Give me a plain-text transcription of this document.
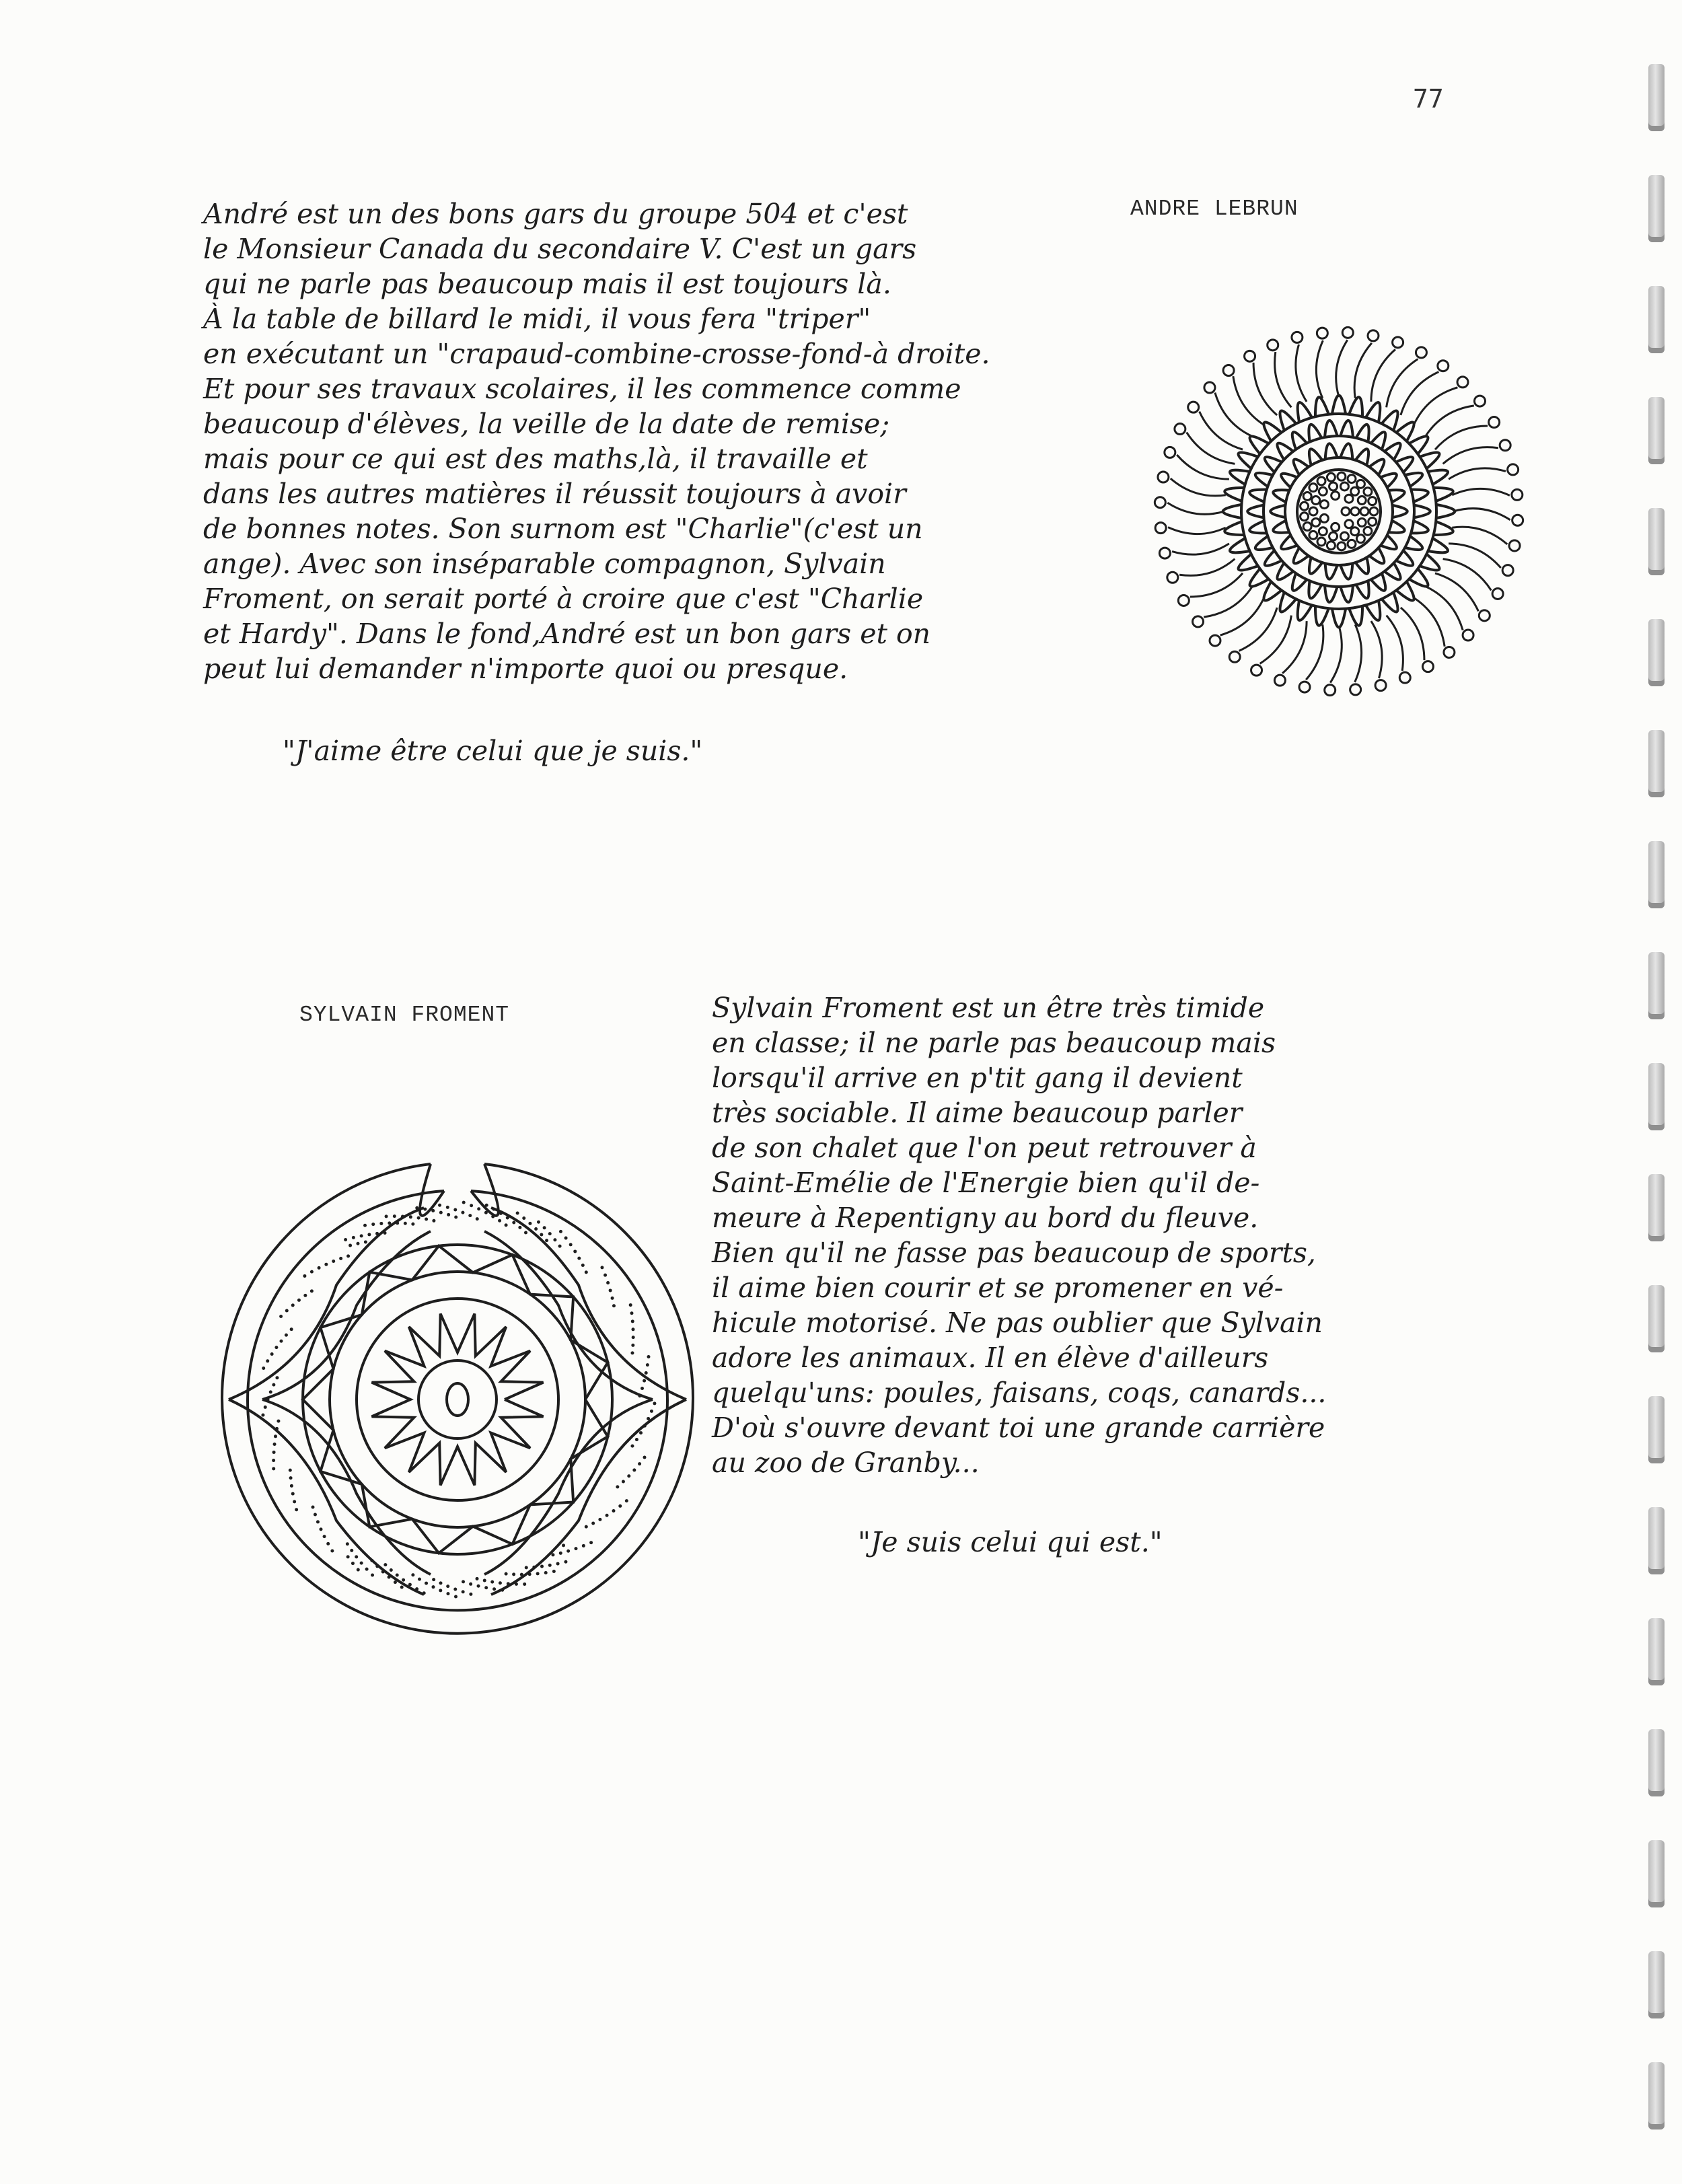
77

André est un des bons gars du groupe 504 et c'est

le Monsieur Canada du secondaire V. C'est un gars

qui ne parle pas beaucoup mais il est toujours là.

À la table de billard le midi, il vous fera "triper"

en exécutant un "crapaud-combine-crosse-fond-à droite.

Et pour ses travaux scolaires, il les commence comme

beaucoup d'élèves, la veille de la date de remise;

mais pour ce qui est des maths,là, il travaille et

dans les autres matières il réussit toujours à avoir

de bonnes notes. Son surnom est "Charlie"(c'est un

ange). Avec son inséparable compagnon, Sylvain

Froment, on serait porté à croire que c'est "Charlie

et Hardy". Dans le fond,André est un bon gars et on

peut lui demander n'importe quoi ou presque.

ANDRE LEBRUN
"J'aime être celui que je suis."
SYLVAIN FROMENT	Sylvain Froment est un être très timide

en classe; il ne parle pas beaucoup mais

lorsqu'il arrive en p'tit gang il devient

très sociable. Il aime beaucoup parler

de son chalet que l'on peut retrouver à

Saint-Emélie de l'Energie bien qu'il de-

meure à Repentigny au bord du fleuve.

Bien qu'il ne fasse pas beaucoup de sports,

il aime bien courir et se promener en vé-

hicule motorisé. Ne pas oublier que Sylvain

adore les animaux. Il en élève d'ailleurs

quelqu'uns: poules, faisans, coqs, canards...

D'où s'ouvre devant toi une grande carrière

au zoo de Granby...

"Je suis celui qui est."
